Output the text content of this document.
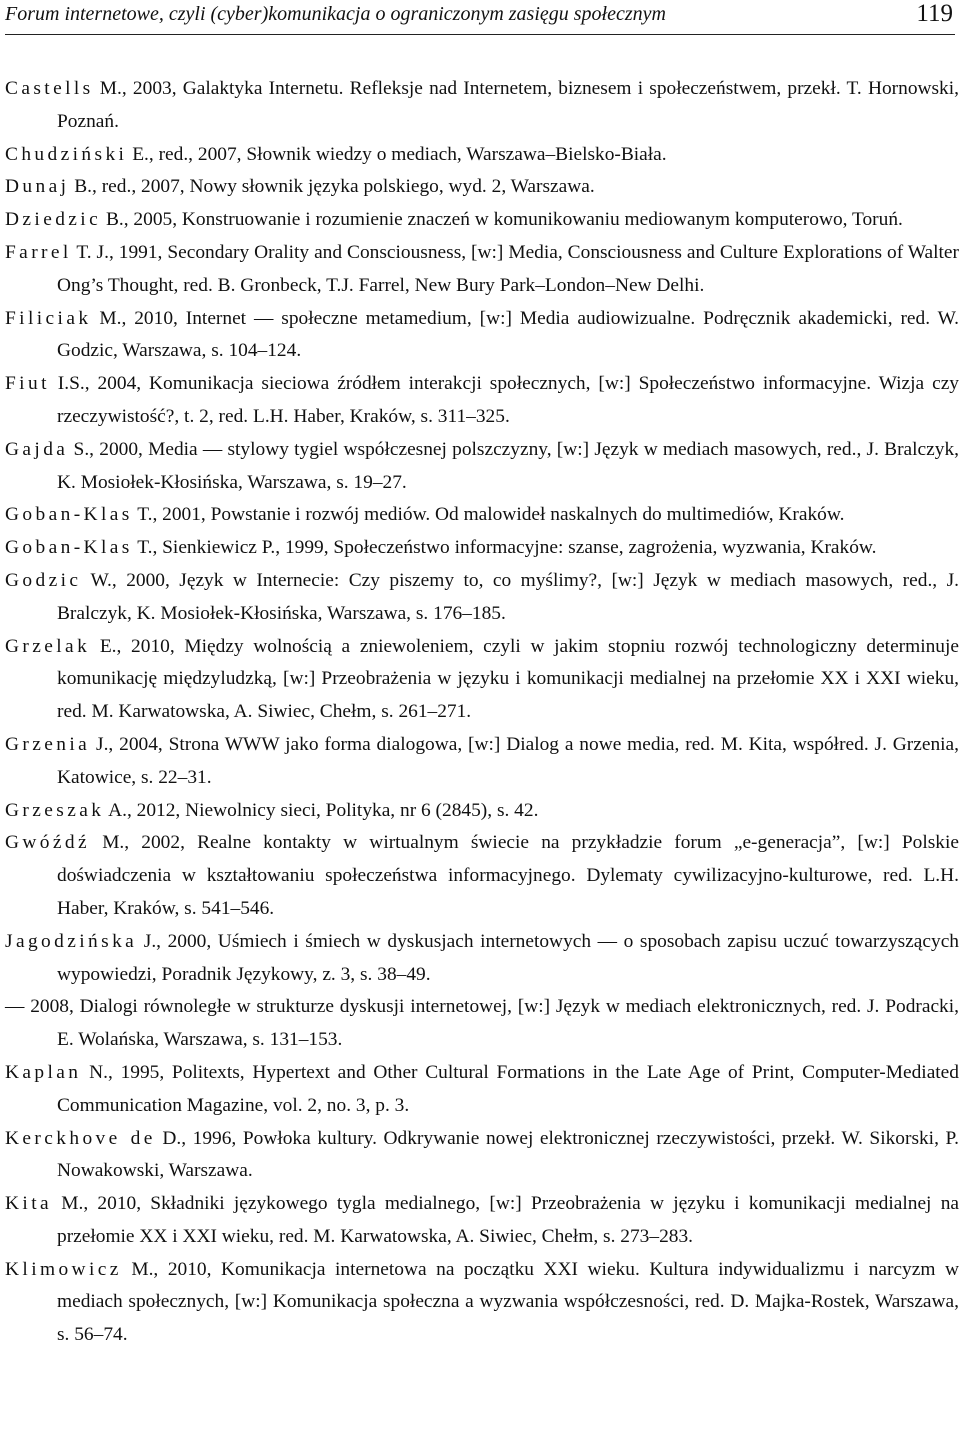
Forum internetowe, czyli (cyber)komunikacja o ograniczonym zasięgu społecznym	119
Castells M., 2003, Galaktyka Internetu. Refleksje nad Internetem, biznesem i społeczeństwem, przekł. T. Hornowski, Poznań.
Chudziński E., red., 2007, Słownik wiedzy o mediach, Warszawa–Bielsko-Biała.
Dunaj B., red., 2007, Nowy słownik języka polskiego, wyd. 2, Warszawa.
Dziedzic B., 2005, Konstruowanie i rozumienie znaczeń w komunikowaniu mediowanym komputerowo, Toruń.
Farrel T. J., 1991, Secondary Orality and Consciousness, [w:] Media, Consciousness and Culture Explorations of Walter Ong’s Thought, red. B. Gronbeck, T.J. Farrel, New Bury Park–London–New Delhi.
Filiciak M., 2010, Internet — społeczne metamedium, [w:] Media audiowizualne. Podręcznik akademicki, red. W. Godzic, Warszawa, s. 104–124.
Fiut I.S., 2004, Komunikacja sieciowa źródłem interakcji społecznych, [w:] Społeczeństwo informacyjne. Wizja czy rzeczywistość?, t. 2, red. L.H. Haber, Kraków, s. 311–325.
Gajda S., 2000, Media — stylowy tygiel współczesnej polszczyzny, [w:] Język w mediach masowych, red., J. Bralczyk, K. Mosiołek-Kłosińska, Warszawa, s. 19–27.
Goban-Klas T., 2001, Powstanie i rozwój mediów. Od malowideł naskalnych do multimediów, Kraków.
Goban-Klas T., Sienkiewicz P., 1999, Społeczeństwo informacyjne: szanse, zagrożenia, wyzwania, Kraków.
Godzic W., 2000, Język w Internecie: Czy piszemy to, co myślimy?, [w:] Język w mediach masowych, red., J. Bralczyk, K. Mosiołek-Kłosińska, Warszawa, s. 176–185.
Grzelak E., 2010, Między wolnością a zniewoleniem, czyli w jakim stopniu rozwój technologiczny determinuje komunikację międzyludzką, [w:] Przeobrażenia w języku i komunikacji medialnej na przełomie XX i XXI wieku, red. M. Karwatowska, A. Siwiec, Chełm, s. 261–271.
Grzenia J., 2004, Strona WWW jako forma dialogowa, [w:] Dialog a nowe media, red. M. Kita, współred. J. Grzenia, Katowice, s. 22–31.
Grzeszak A., 2012, Niewolnicy sieci, Polityka, nr 6 (2845), s. 42.
Gwóźdź M., 2002, Realne kontakty w wirtualnym świecie na przykładzie forum „e-generacja”, [w:] Polskie doświadczenia w kształtowaniu społeczeństwa informacyjnego. Dylematy cywilizacyjno-kulturowe, red. L.H. Haber, Kraków, s. 541–546.
Jagodzińska J., 2000, Uśmiech i śmiech w dyskusjach internetowych — o sposobach zapisu uczuć towarzyszących wypowiedzi, Poradnik Językowy, z. 3, s. 38–49.
— 2008, Dialogi równoległe w strukturze dyskusji internetowej, [w:] Język w mediach elektronicznych, red. J. Podracki, E. Wolańska, Warszawa, s. 131–153.
Kaplan N., 1995, Politexts, Hypertext and Other Cultural Formations in the Late Age of Print, Computer-Mediated Communication Magazine, vol. 2, no. 3, p. 3.
Kerckhove de D., 1996, Powłoka kultury. Odkrywanie nowej elektronicznej rzeczywistości, przekł. W. Sikorski, P. Nowakowski, Warszawa.
Kita M., 2010, Składniki językowego tygla medialnego, [w:] Przeobrażenia w języku i komunikacji medialnej na przełomie XX i XXI wieku, red. M. Karwatowska, A. Siwiec, Chełm, s. 273–283.
Klimowicz M., 2010, Komunikacja internetowa na początku XXI wieku. Kultura indywidualizmu i narcyzm w mediach społecznych, [w:] Komunikacja społeczna a wyzwania współczesności, red. D. Majka-Rostek, Warszawa, s. 56–74.
